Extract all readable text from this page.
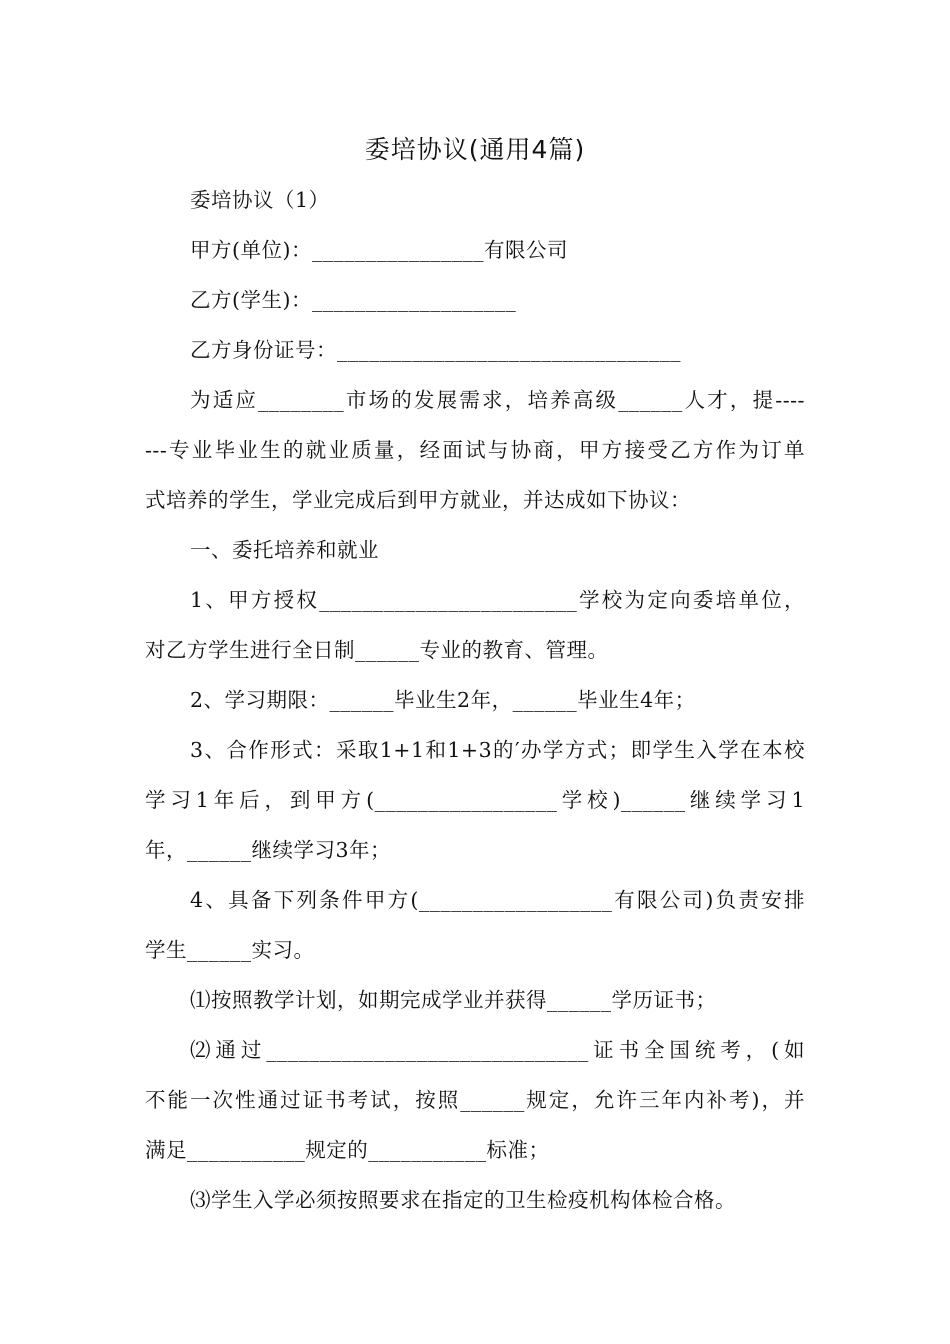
委培协议(通用4篇)
委培协议（1）
甲方(单位)：________________有限公司
乙方(学生)：___________________
乙方身份证号：________________________________
为适应________市场的发展需求，培养高级______人才，提----
---专业毕业生的就业质量，经面试与协商，甲方接受乙方作为订单
式培养的学生，学业完成后到甲方就业，并达成如下协议：
一、委托培养和就业
1、甲方授权________________________学校为定向委培单位，
对乙方学生进行全日制______专业的教育、管理。
2、学习期限：______毕业生2年，______毕业生4年；
3、合作形式：采取1+1和1+3的′办学方式；即学生入学在本校
学习1年后，到甲方(_________________学校)______继续学习1
年，______继续学习3年；
4、具备下列条件甲方(__________________有限公司)负责安排
学生______实习。
⑴按照教学计划，如期完成学业并获得______学历证书；
⑵通过______________________________证书全国统考，(如
不能一次性通过证书考试，按照______规定，允许三年内补考)，并
满足___________规定的___________标准；
⑶学生入学必须按照要求在指定的卫生检疫机构体检合格。
